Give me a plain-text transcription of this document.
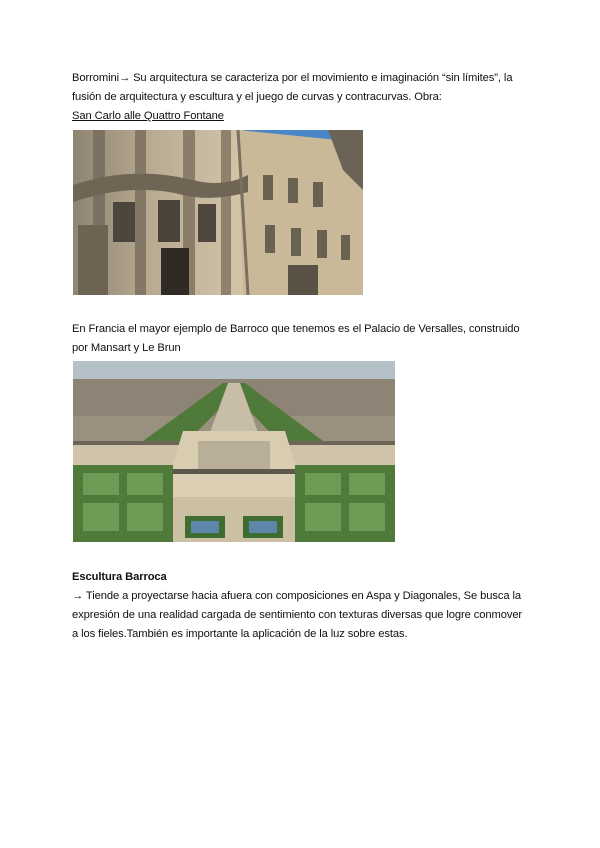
Borromini→ Su arquitectura se caracteriza por el movimiento e imaginación “sin límites”, la

fusión de arquitectura y escultura y el juego de curvas y contracurvas. Obra:

San Carlo alle Quattro Fontane

En Francia el mayor ejemplo de Barroco que tenemos es el Palacio de Versalles, construido

por Mansart y Le Brun

Escultura Barroca

→ Tiende a proyectarse hacia afuera con composiciones en Aspa y Diagonales, Se busca la

expresión de una realidad cargada de sentimiento con texturas diversas que logre conmover

a los fieles.También es importante la aplicación de la luz sobre estas.
